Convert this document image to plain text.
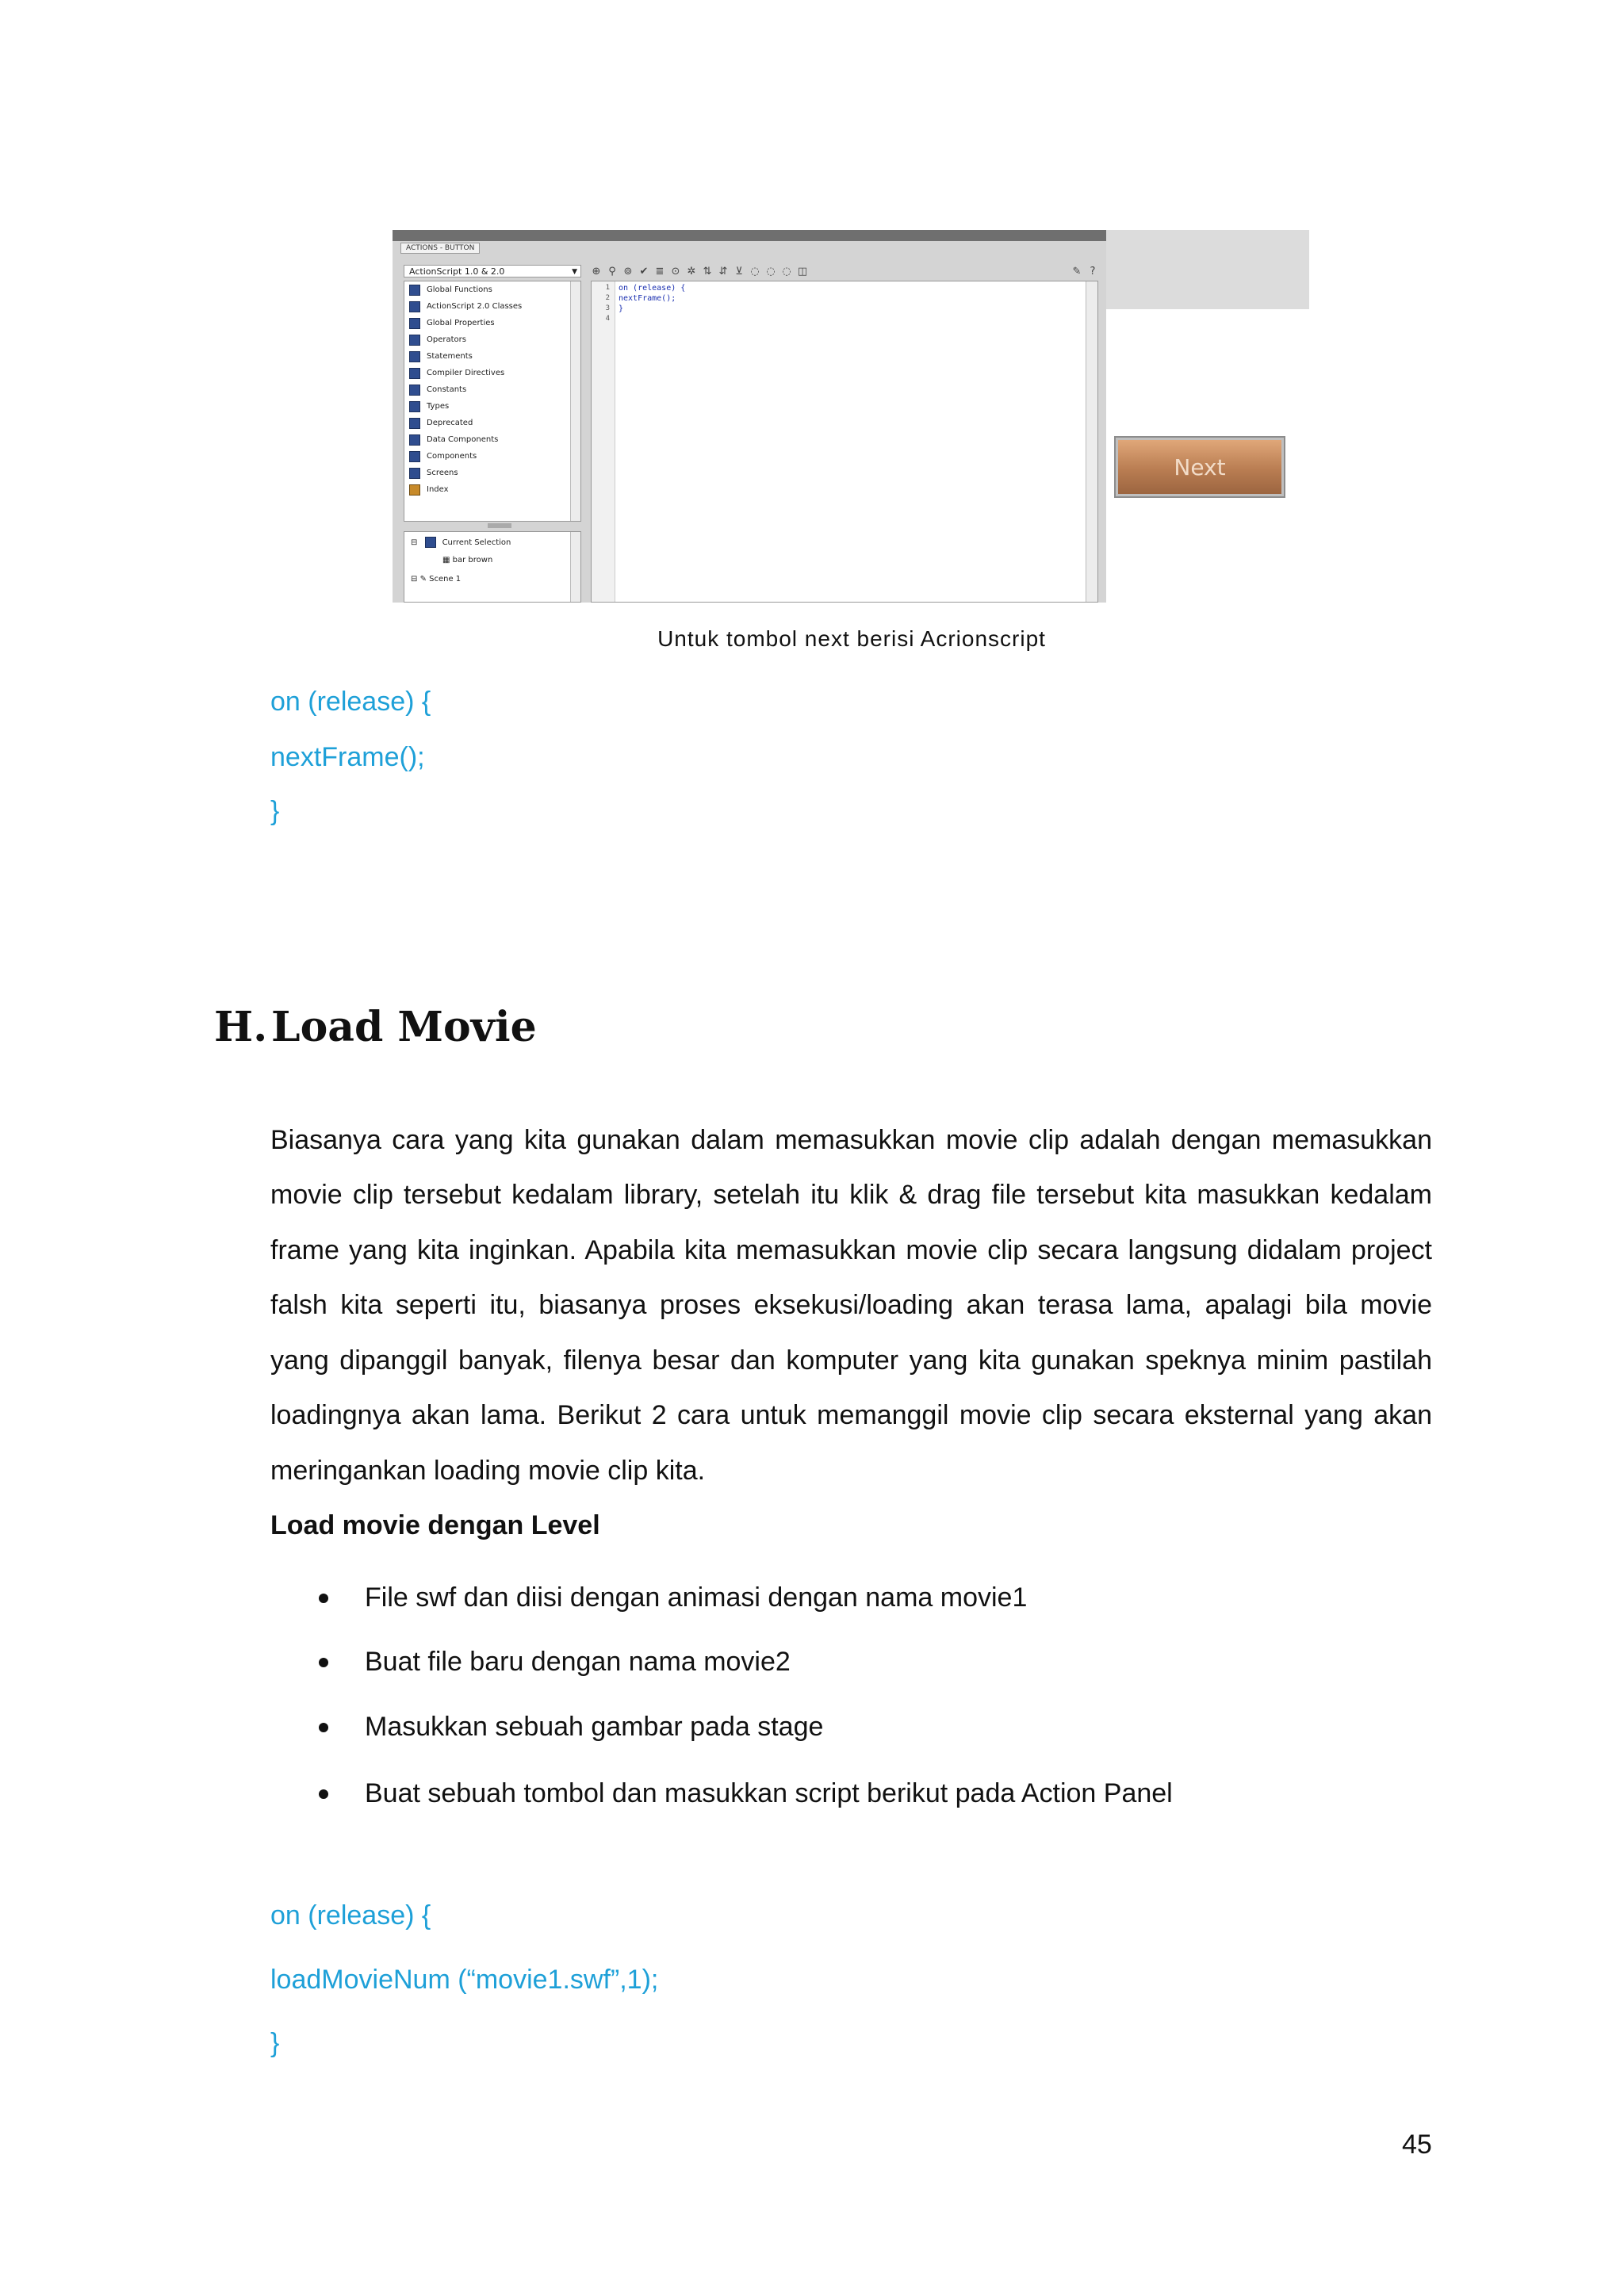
ACTIONS - BUTTON
ActionScript 1.0 & 2.0	▼
Global Functions
ActionScript 2.0 Classes
Global Properties
Operators
Statements
Compiler Directives
Constants
Types
Deprecated
Data Components
Components
Screens
Index
⊟	Current Selection
▦ bar brown
⊟ ✎ Scene 1
⊕ ⚲ ⊚ ✔ ≣ ⊙ ✲ ⇅ ⇵ ⊻ ◌ ◌ ◌ ◫	✎ ?
1
2
3
4
on (release) {
nextFrame();
}
Next
Untuk tombol next berisi Acrionscript
on (release) {
nextFrame();
}
H.Load Movie
Biasanya cara yang kita gunakan dalam memasukkan movie clip adalah dengan memasukkan
movie clip tersebut kedalam library, setelah itu klik & drag file tersebut kita masukkan kedalam
frame yang kita inginkan. Apabila kita memasukkan movie clip secara langsung didalam project
falsh kita seperti itu, biasanya proses eksekusi/loading akan terasa lama, apalagi bila movie
yang dipanggil banyak, filenya besar dan komputer yang kita gunakan speknya minim pastilah
loadingnya akan lama. Berikut 2 cara untuk memanggil movie clip secara eksternal yang akan
meringankan loading movie clip kita.
Load movie dengan Level
File swf dan diisi dengan animasi dengan nama movie1
Buat file baru dengan nama movie2
Masukkan sebuah gambar pada stage
Buat sebuah tombol dan masukkan script berikut pada Action Panel
on (release) {
loadMovieNum (“movie1.swf”,1);
}
45
